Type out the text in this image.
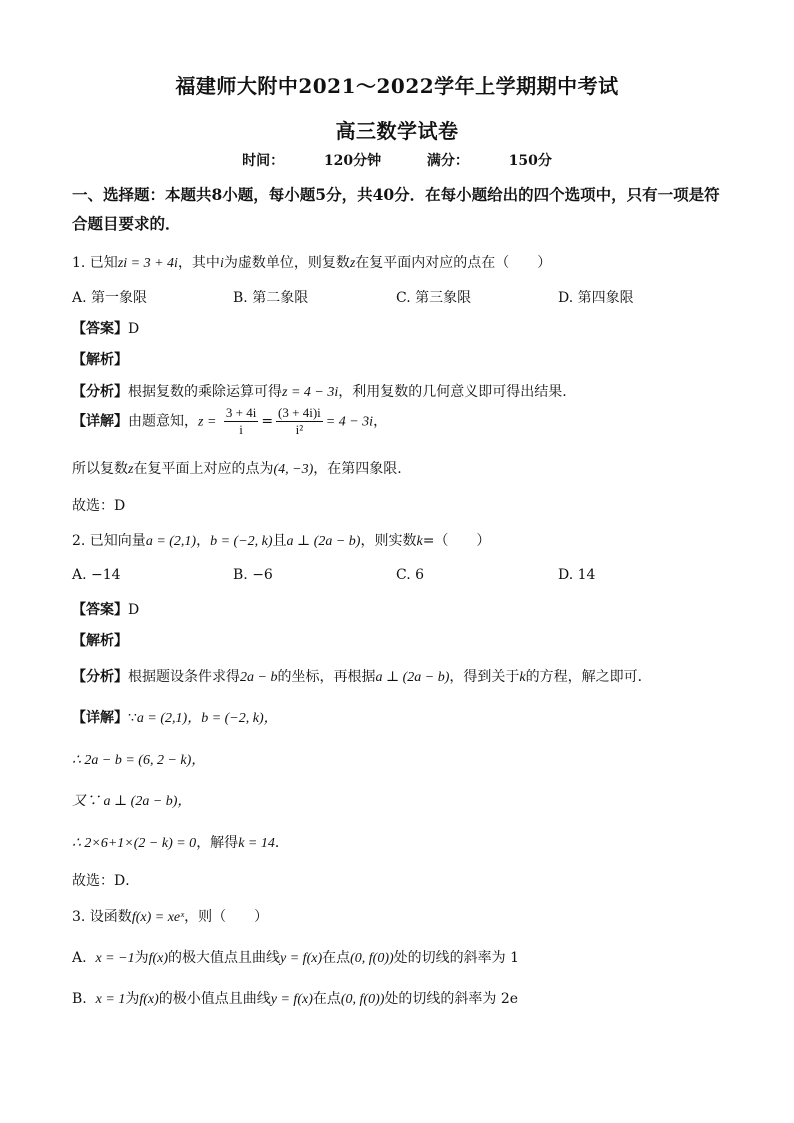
福建师大附中2021～2022学年上学期期中考试
高三数学试卷
时间：	120分钟	满分：	150分
一、选择题：本题共8小题，每小题5分，共40分．在每小题给出的四个选项中，只有一项是符合题目要求的．
1. 已知zi = 3 + 4i，其中i为虚数单位，则复数z在复平面内对应的点在（　　）
A. 第一象限	B. 第二象限	C. 第三象限	D. 第四象限
【答案】D
【解析】
【分析】根据复数的乘除运算可得z = 4 − 3i，利用复数的几何意义即可得出结果.
【详解】由题意知，$z = \frac{3 + 4i}{i} = \frac{(3 + 4i)i}{\text{i²}} = 4 - 3i$，
所以复数z在复平面上对应的点为(4, −3)，在第四象限.
故选：D
2. 已知向量a = (2,1)，b = (−2, k)且a ⊥ (2a − b)，则实数k=（　　）
A. −14	B. −6	C. 6	D. 14
【答案】D
【解析】
【分析】根据题设条件求得2a − b的坐标，再根据a ⊥ (2a − b)，得到关于k的方程，解之即可．
【详解】∵a = (2,1)，b = (−2, k)，
∴ 2a − b = (6, 2 − k)，
又∵ a ⊥ (2a − b)，
∴ 2×6+1×(2 − k) = 0，解得k = 14．
故选：D．
3. 设函数f(x) = xeˣ，则（　　）
A. x = −1为f(x)的极大值点且曲线y = f(x)在点(0, f(0))处的切线的斜率为 1
B. x = 1为f(x)的极小值点且曲线y = f(x)在点(0, f(0))处的切线的斜率为 2e
